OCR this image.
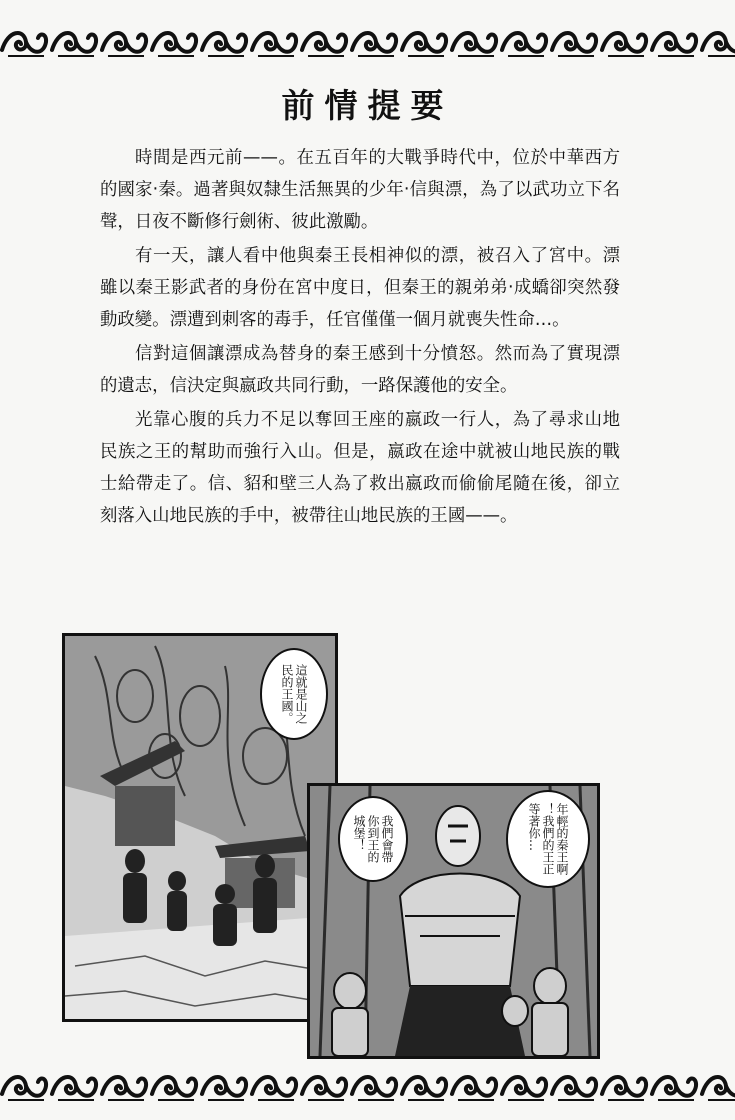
前情提要

時間是西元前——。在五百年的大戰爭時代中，位於中華西方的國家‧秦。過著與奴隸生活無異的少年‧信與漂，為了以武功立下名聲，日夜不斷修行劍術、彼此激勵。

有一天，讓人看中他與秦王長相神似的漂，被召入了宮中。漂雖以秦王影武者的身份在宮中度日，但秦王的親弟弟‧成蟜卻突然發動政變。漂遭到刺客的毒手，任官僅僅一個月就喪失性命…。

信對這個讓漂成為替身的秦王感到十分憤怒。然而為了實現漂的遺志，信決定與嬴政共同行動，一路保護他的安全。

光靠心腹的兵力不足以奪回王座的嬴政一行人，為了尋求山地民族之王的幫助而強行入山。但是，嬴政在途中就被山地民族的戰士給帶走了。信、貂和壁三人為了救出嬴政而偷偷尾隨在後，卻立刻落入山地民族的手中，被帶往山地民族的王國——。

這就是山之
民的王國。
我們會帶
你到王的
城堡！	年輕的秦王啊
！我們的王正
等著你…
